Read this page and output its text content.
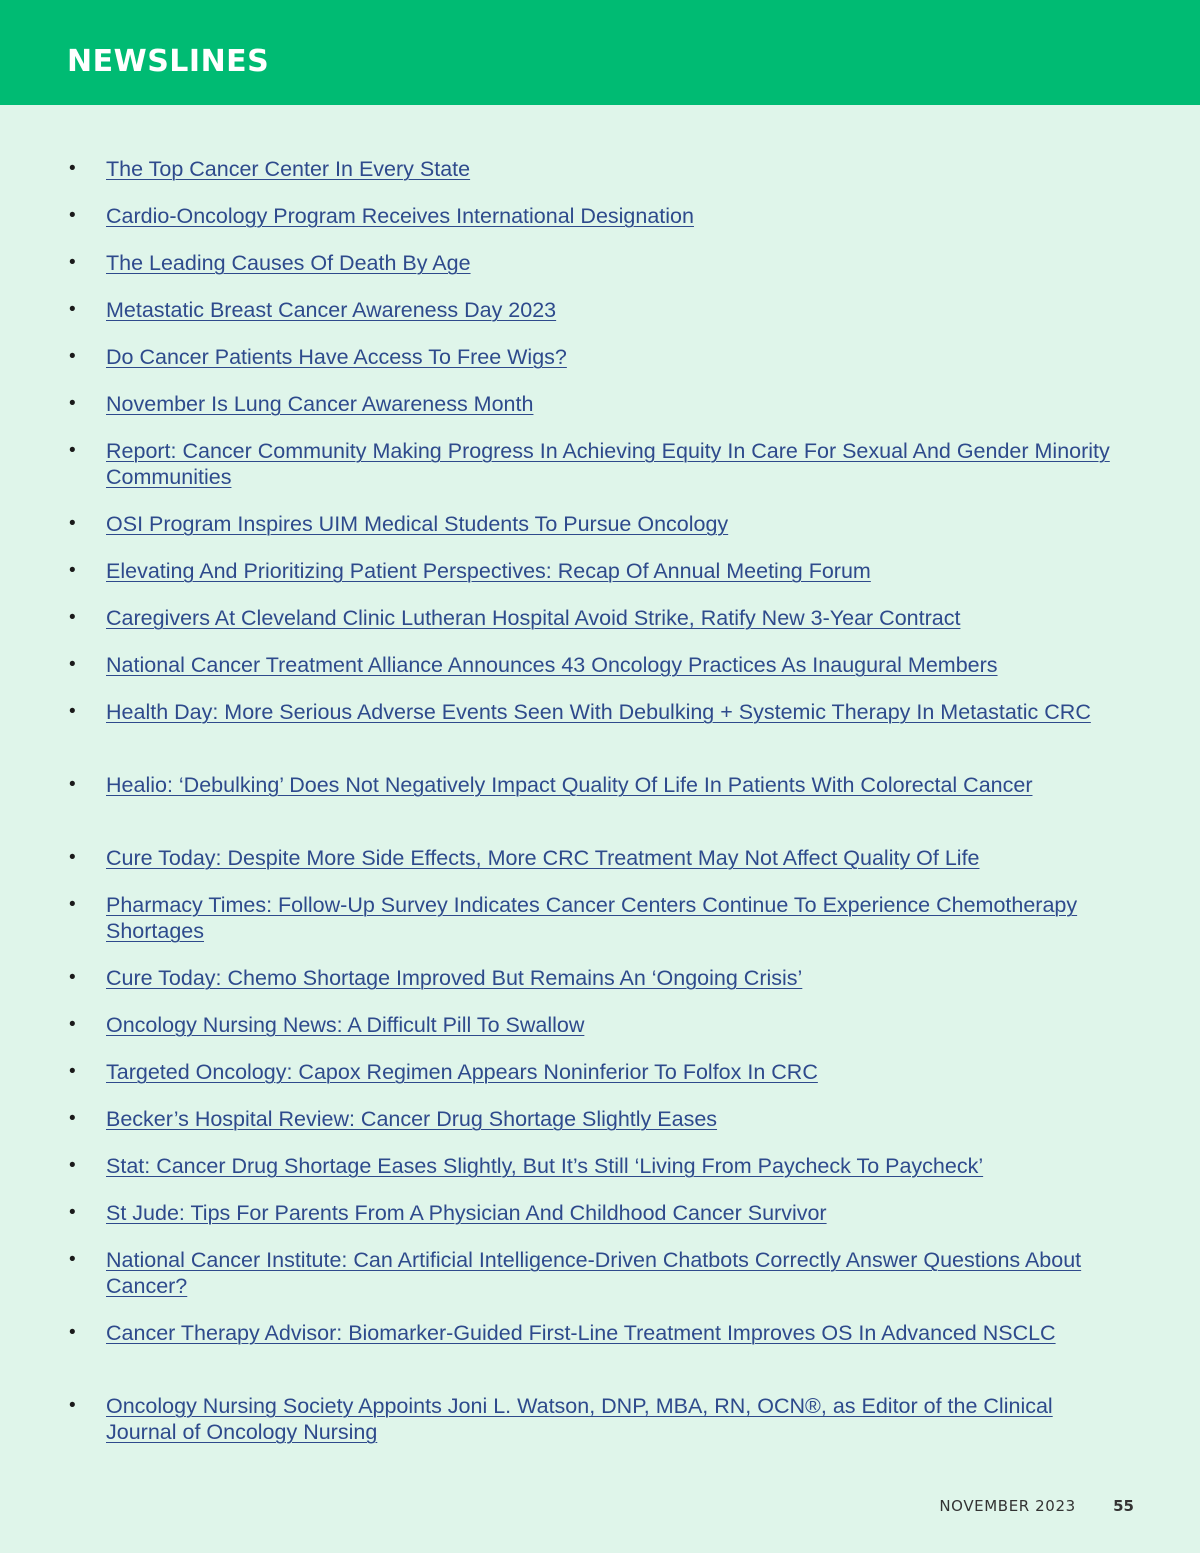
NEWSLINES
• The Top Cancer Center In Every State
• Cardio-Oncology Program Receives International Designation
• The Leading Causes Of Death By Age
• Metastatic Breast Cancer Awareness Day 2023
• Do Cancer Patients Have Access To Free Wigs?
• November Is Lung Cancer Awareness Month
• Report: Cancer Community Making Progress In Achieving Equity In Care For Sexual And Gender Minority Communities
• OSI Program Inspires UIM Medical Students To Pursue Oncology
• Elevating And Prioritizing Patient Perspectives: Recap Of Annual Meeting Forum
• Caregivers At Cleveland Clinic Lutheran Hospital Avoid Strike, Ratify New 3-Year Contract
• National Cancer Treatment Alliance Announces 43 Oncology Practices As Inaugural Members
• Health Day: More Serious Adverse Events Seen With Debulking + Systemic Therapy In Metastatic CRC
• Healio: ‘Debulking’ Does Not Negatively Impact Quality Of Life In Patients With Colorectal Cancer
• Cure Today: Despite More Side Effects, More CRC Treatment May Not Affect Quality Of Life
• Pharmacy Times: Follow-Up Survey Indicates Cancer Centers Continue To Experience Chemotherapy Shortages
• Cure Today: Chemo Shortage Improved But Remains An ‘Ongoing Crisis’
• Oncology Nursing News: A Difficult Pill To Swallow
• Targeted Oncology: Capox Regimen Appears Noninferior To Folfox In CRC
• Becker’s Hospital Review: Cancer Drug Shortage Slightly Eases
• Stat: Cancer Drug Shortage Eases Slightly, But It’s Still ‘Living From Paycheck To Paycheck’
• St Jude: Tips For Parents From A Physician And Childhood Cancer Survivor
• National Cancer Institute: Can Artificial Intelligence-Driven Chatbots Correctly Answer Questions About Cancer?
• Cancer Therapy Advisor: Biomarker-Guided First-Line Treatment Improves OS In Advanced NSCLC
• Oncology Nursing Society Appoints Joni L. Watson, DNP, MBA, RN, OCN®, as Editor of the Clinical Journal of Oncology Nursing
NOVEMBER 2023 55
